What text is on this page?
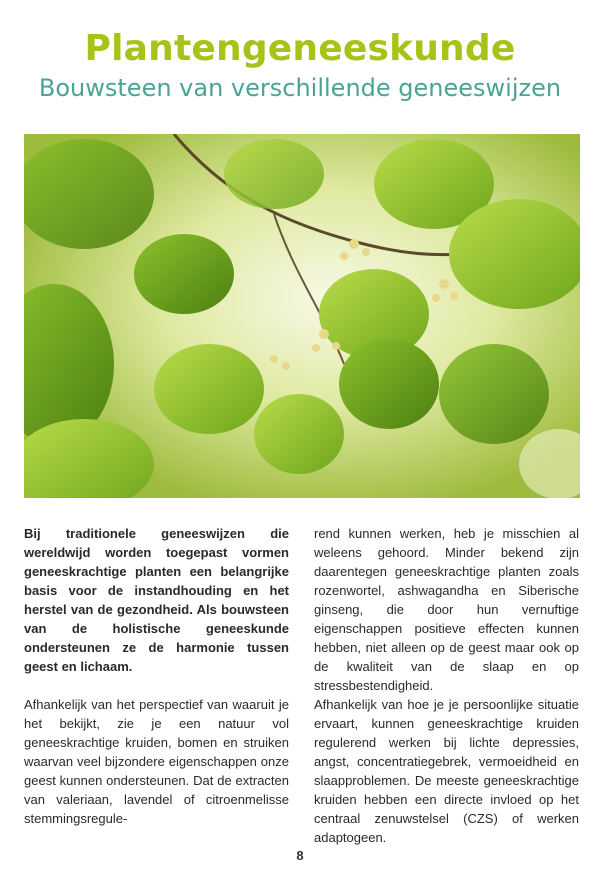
Plantengeneeskunde
Bouwsteen van verschillende geneeswijzen

Bij traditionele geneeswijzen die wereldwijd worden toegepast vormen geneeskrachtige planten een belangrijke basis voor de instandhouding en het herstel van de gezondheid. Als bouwsteen van de holistische geneeskunde ondersteunen ze de harmonie tussen geest en lichaam.

Afhankelijk van het perspectief van waaruit je het bekijkt, zie je een natuur vol geneeskrachtige kruiden, bomen en struiken waarvan veel bijzondere eigenschappen onze geest kunnen ondersteunen. Dat de extracten van valeriaan, lavendel of citroenmelisse stemmingsregule-

rend kunnen werken, heb je misschien al weleens gehoord. Minder bekend zijn daarentegen geneeskrachtige planten zoals rozenwortel, ashwagandha en Siberische ginseng, die door hun vernuftige eigenschappen positieve effecten kunnen hebben, niet alleen op de geest maar ook op de kwaliteit van de slaap en op stressbestendigheid.

Afhankelijk van hoe je je persoonlijke situatie ervaart, kunnen geneeskrachtige kruiden regulerend werken bij lichte depressies, angst, concentratiegebrek, vermoeidheid en slaapproblemen. De meeste geneeskrachtige kruiden hebben een directe invloed op het centraal zenuwstelsel (CZS) of werken adaptogeen.

8
